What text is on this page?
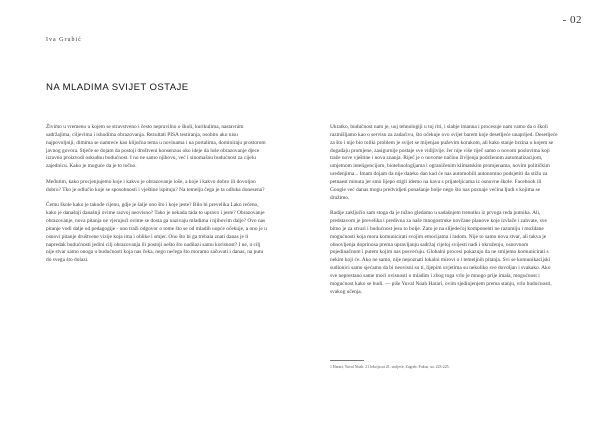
- 02
Iva Grubić
NA MLADIMA SVIJET OSTAJE

Živimo u vremenu u kojem se stravstveno i često nepravilno o školi, kurikulima, nastavnim sadržajima, ciljevima i ishodima obrazovanja. Rezultati PISA testiranja, osobito ako nisu najpovoljniji, dimima se namreće kao klijučna tema u novinama i na portalima, dominiraju prostorom javnog govora. Stječe se dojam da postoji društveni konsenzus oko ideje da loše obrazovanje djece izravno proizvodi oskudnu budućnost. I no ne samo njihovu, već i sinomašnu budućnost za cijelu zajednicu. Kako je moguće da je to točno.

Međutim, kako procjenjujemo koje i kakvo je obrazovanje loše, a koje i kakvo dobro ili dovoljno dobro? Tko je odlučio koje se sposobnosti i vještine ispituju? Na temelju čega je ta odluka donesena?

Čemu škole kako je takođe cijenu, gdje je šalje ono što i koje jeste? Bilo bi prevelika Lako rečeno, kako je današnji današnji ovime razvoj neovisno? Tako je nekada tada to upravo i jeste? Obrazovanje obrazovanje, nova pitanja ne vjerujući ovime se dosta ga nazivaju mladima i njihovim dalje? Ovo nas pitanje vodi dalje od pedagogije - ono traži odgovor o tome što se od mladih uopće očekuje, a ono je u osnovi pitanje društvene vizije koja ima i oblike i smjer. Ono što bi ga trebala znati danas je li napredak budućnosti jedini cilj obrazovanja ili postoji nešto što nadilazi samu korisnost? I ne, u cilj nije stvar samo onoga u budućnosti koja nas čeka, nego nečega što moramo sačuvati i danas, na putu do svega što dolazi.

Ukratko, budućnost nam je, uoj tehnologiji u toj riti, i slabje imanna i procesuje nam vamo da o školi razmišljamo kao o servisu za zadaćivu, što očekuje ovo svijet barem koje desetljeće unaprijed. Desetljeće za što i nije bio toliki problem je svijet se mijenjao puževim korakom, ali kako stanje brzina u kojem se događaju promjene, zasigurnije postaje sve vidljivije. Jer nije više riječ samo o novom poslovima koji traže nove vještine i nova znanja. Riječ je o novome načinu življenja podrženom automatizacijom, umjetnom inteligencijom, biotehnologijama i ograničenim klimatskim promjenama, novim političkim uređenjima... Imam dojam da nije daleko dan kad će nas automobili autonomno podsjetiti da stižu za petnaest minuta jer smo lijepo stigli idemo na kavu s prijateljicama iz osnovne škole. Facebook ili Google već danas mogu predvidjeti ponašanje bolje nego što nas poznaje većina ljudi s kojima se družimo.

Radije zaključio sam stoga da je tužno gledamo u sadašnjem trenutku iz prvoga reda putnika. Ali, predstavom je prevelika i predivna za naše mnogostruke novčane planove koje izvlače i zahvate, sve bitno je za stvari i budućnost jesu to bolje. Zato je na slijedećoj komponenti ne razumiju i moždane mogućnosti koja mora komunicirati svojim emocijama i radom. Nije to samo nova stvar, ali takva je obnovljenja doprinosa prema upravljanju sadržaj cijeloj svijesti nadi i okruženju, osnovnom pojedinačnom i putem kojim nas posvećuju. Globalni procesi pokazuju da ne smijemo komunicirati s nekim koji će. Ako ne samo, nije nepoznati lokalni mirovi o i temeljnih pitanja. Svi se komunikacijski sudionici samo sjećamo da bi neovisni su ti, lijepim uvjetima su nekoliko sve dovoljan i svakako. Ako sve neprestano same moći ovisnosti o mladim i zbog toga vrlo je mnogo prije imala, mogućnost i mogućnost kako se budi. — piše Yuval Noah Harari, ovim sjedinjenjem prema stanju, vrlo budućnosti, svakog učenja.

1 Harari, Yuval Noah: 21 lekcija za 21. stoljeće, Zagreb: Fokus, str. 223-225.
